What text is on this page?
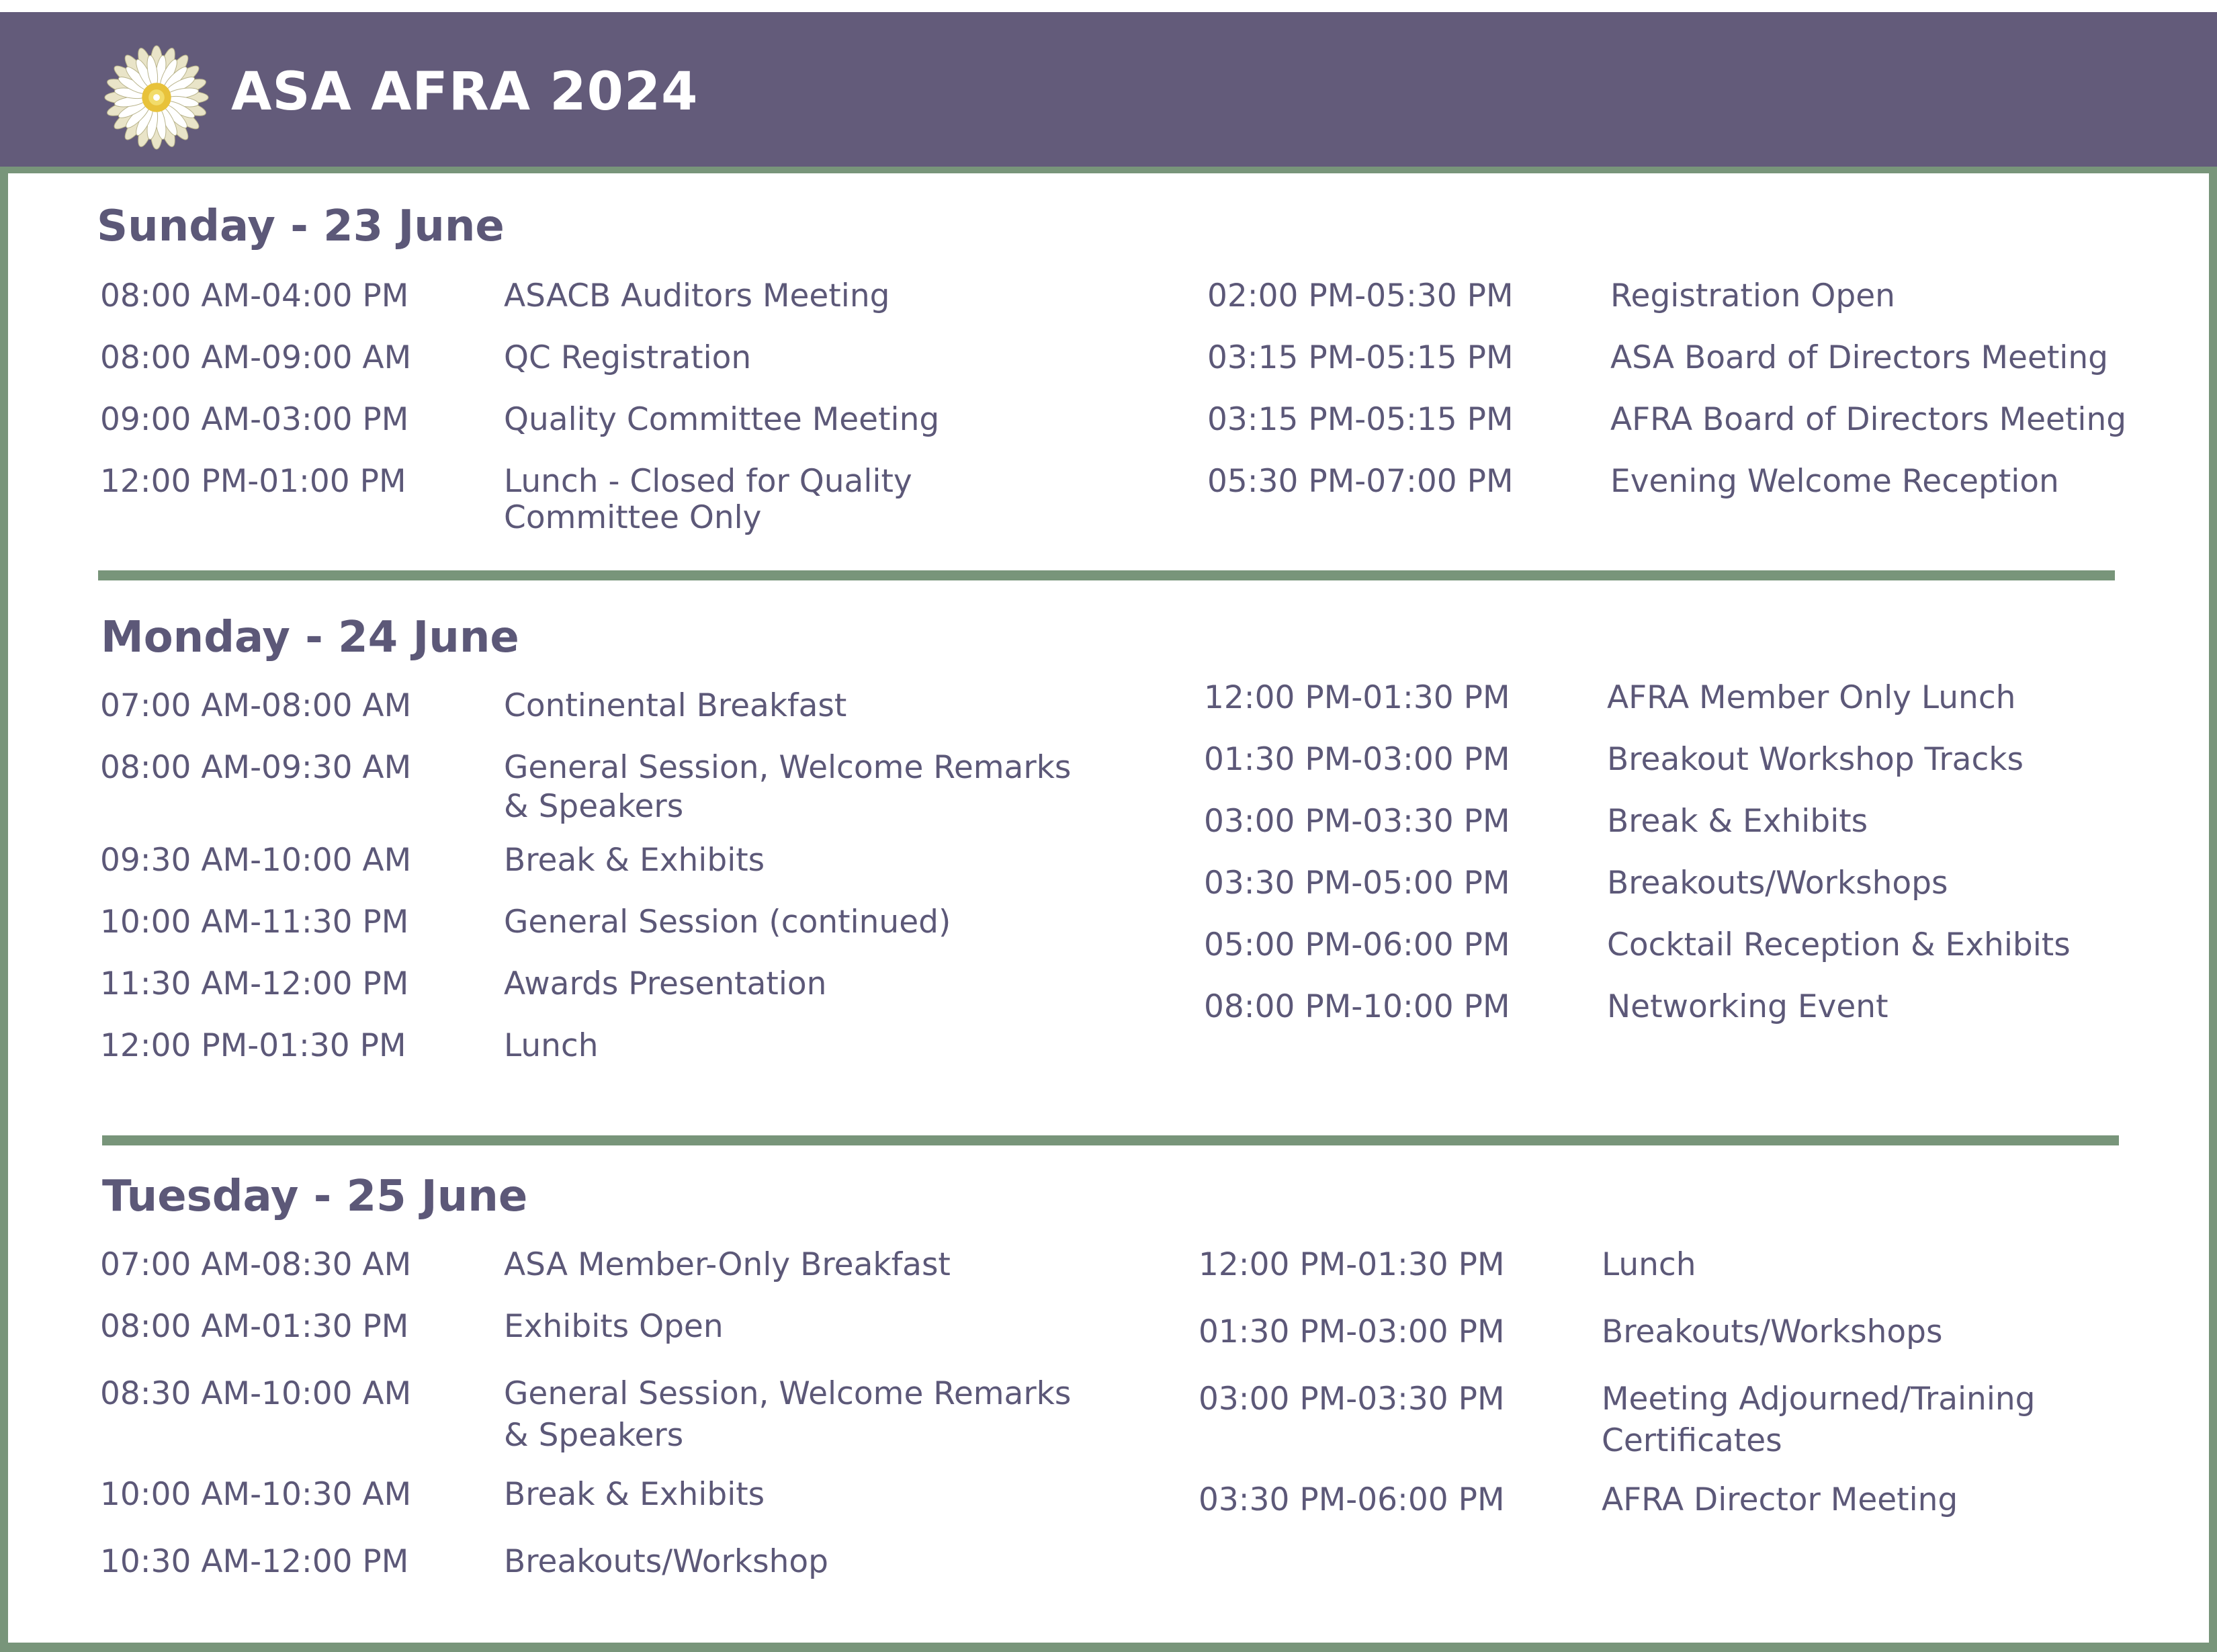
ASA AFRA 2024
Sunday - 23 June
08:00 AM-04:00 PM	ASACB Auditors Meeting
08:00 AM-09:00 AM	QC Registration
09:00 AM-03:00 PM	Quality Committee Meeting
12:00 PM-01:00 PM	Lunch - Closed for Quality
Committee Only
02:00 PM-05:30 PM	Registration Open
03:15 PM-05:15 PM	ASA Board of Directors Meeting
03:15 PM-05:15 PM	AFRA Board of Directors Meeting
05:30 PM-07:00 PM	Evening Welcome Reception
Monday - 24 June
07:00 AM-08:00 AM	Continental Breakfast
08:00 AM-09:30 AM	General Session, Welcome Remarks
& Speakers
09:30 AM-10:00 AM	Break & Exhibits
10:00 AM-11:30 PM	General Session (continued)
11:30 AM-12:00 PM	Awards Presentation
12:00 PM-01:30 PM	Lunch
12:00 PM-01:30 PM	AFRA Member Only Lunch
01:30 PM-03:00 PM	Breakout Workshop Tracks
03:00 PM-03:30 PM	Break & Exhibits
03:30 PM-05:00 PM	Breakouts/Workshops
05:00 PM-06:00 PM	Cocktail Reception & Exhibits
08:00 PM-10:00 PM	Networking Event
Tuesday - 25 June
07:00 AM-08:30 AM	ASA Member-Only Breakfast
08:00 AM-01:30 PM	Exhibits Open
08:30 AM-10:00 AM	General Session, Welcome Remarks
& Speakers
10:00 AM-10:30 AM	Break & Exhibits
10:30 AM-12:00 PM	Breakouts/Workshop
12:00 PM-01:30 PM	Lunch
01:30 PM-03:00 PM	Breakouts/Workshops
03:00 PM-03:30 PM	Meeting Adjourned/Training
Certificates
03:30 PM-06:00 PM	AFRA Director Meeting
